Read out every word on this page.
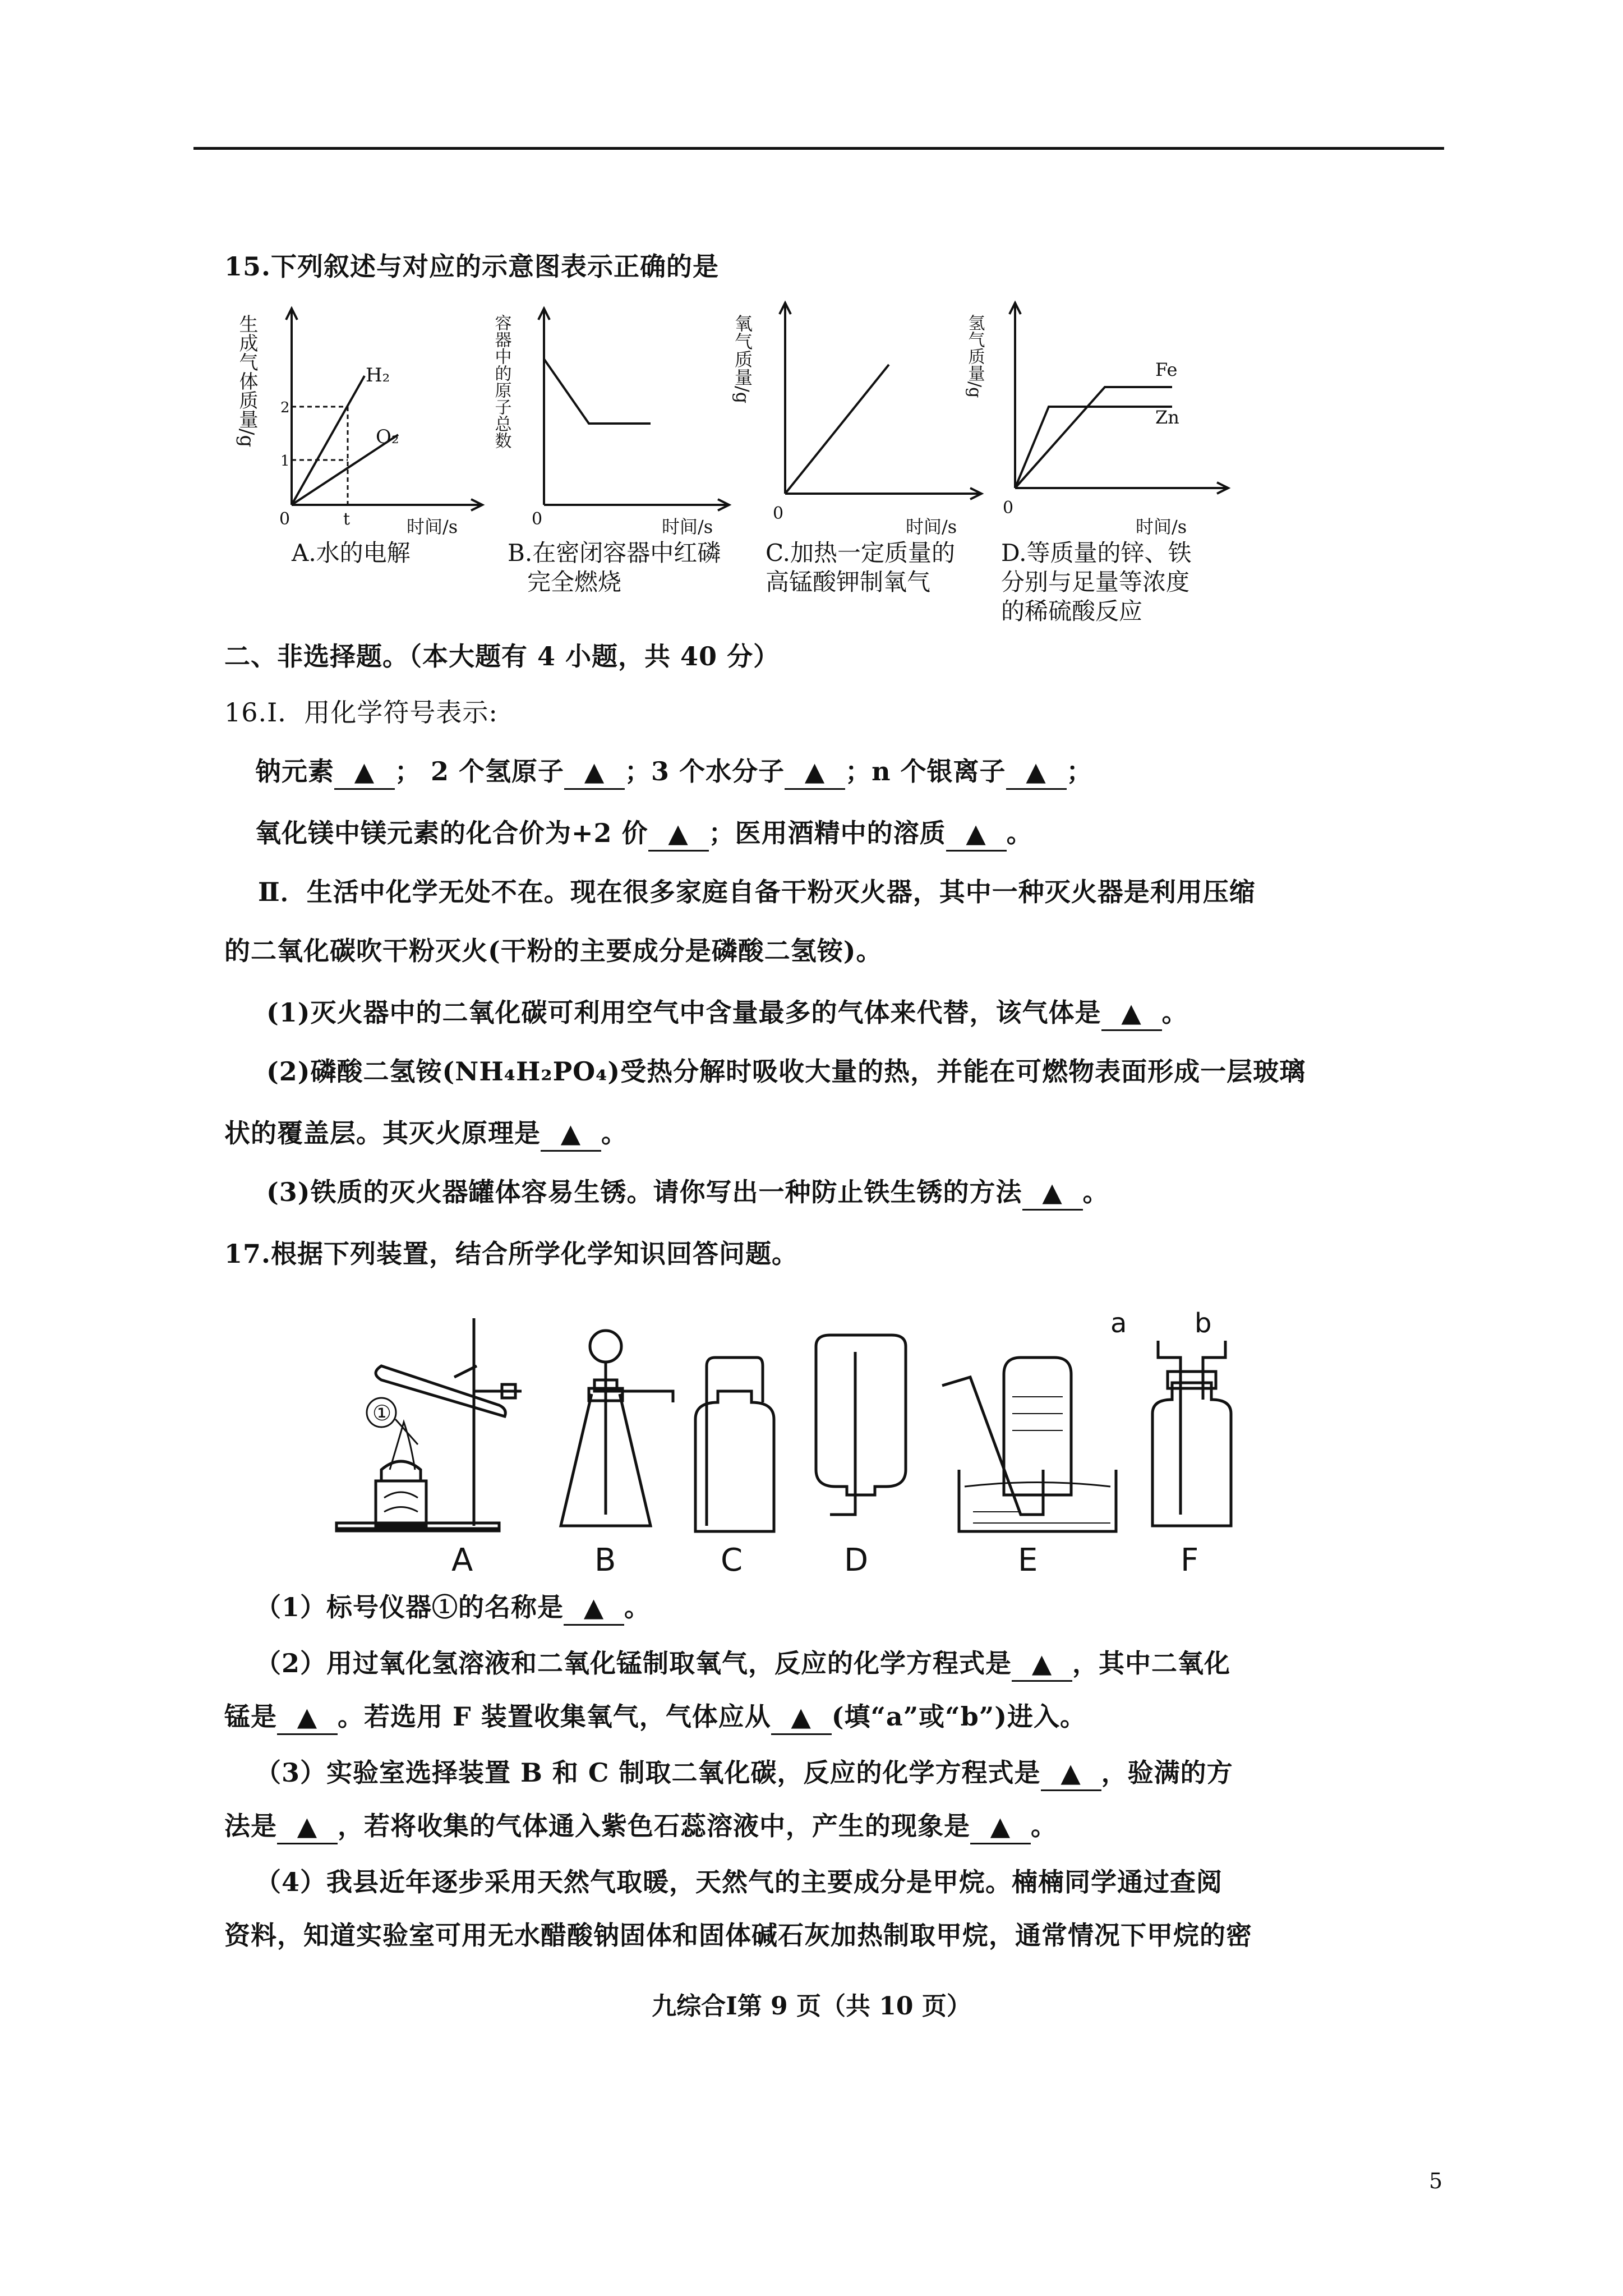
15.下列叙述与对应的示意图表示正确的是
生成气体质量/g
0	t
2
1
H₂
O₂
时间/s
A.水的电解
容器中的原子总数
0	时间/s
B.在密闭容器中红磷
完全燃烧
氧气质量/g
0
时间/s
C.加热一定质量的
高锰酸钾制氧气
氢气质量/g	Fe
Zn
0
时间/s
D.等质量的锌、铁
分别与足量等浓度
的稀硫酸反应
二、非选择题。（本大题有 4 小题，共 40 分）
16.Ⅰ．用化学符号表示:
钠元素 ▲ ； 2 个氢原子 ▲ ；3 个水分子 ▲ ；n 个银离子 ▲ ；
氧化镁中镁元素的化合价为+2 价 ▲ ；医用酒精中的溶质 ▲ 。
Ⅱ．生活中化学无处不在。现在很多家庭自备干粉灭火器，其中一种灭火器是利用压缩
的二氧化碳吹干粉灭火(干粉的主要成分是磷酸二氢铵)。
(1)灭火器中的二氧化碳可利用空气中含量最多的气体来代替，该气体是 ▲ 。
(2)磷酸二氢铵(NH₄H₂PO₄)受热分解时吸收大量的热，并能在可燃物表面形成一层玻璃
状的覆盖层。其灭火原理是 ▲ 。
(3)铁质的灭火器罐体容易生锈。请你写出一种防止铁生锈的方法 ▲ 。
17.根据下列装置，结合所学化学知识回答问题。
①
A	B	C	D	E	F
a	b
（1）标号仪器①的名称是 ▲ 。
（2）用过氧化氢溶液和二氧化锰制取氧气，反应的化学方程式是 ▲ ，其中二氧化
锰是 ▲ 。若选用 F 装置收集氧气，气体应从 ▲ (填“a”或“b”)进入。
（3）实验室选择装置 B 和 C 制取二氧化碳，反应的化学方程式是 ▲ ，验满的方
法是 ▲ ，若将收集的气体通入紫色石蕊溶液中，产生的现象是 ▲ 。
（4）我县近年逐步采用天然气取暖，天然气的主要成分是甲烷。楠楠同学通过查阅
资料，知道实验室可用无水醋酸钠固体和固体碱石灰加热制取甲烷，通常情况下甲烷的密
九综合Ⅰ第 9 页（共 10 页）
5
